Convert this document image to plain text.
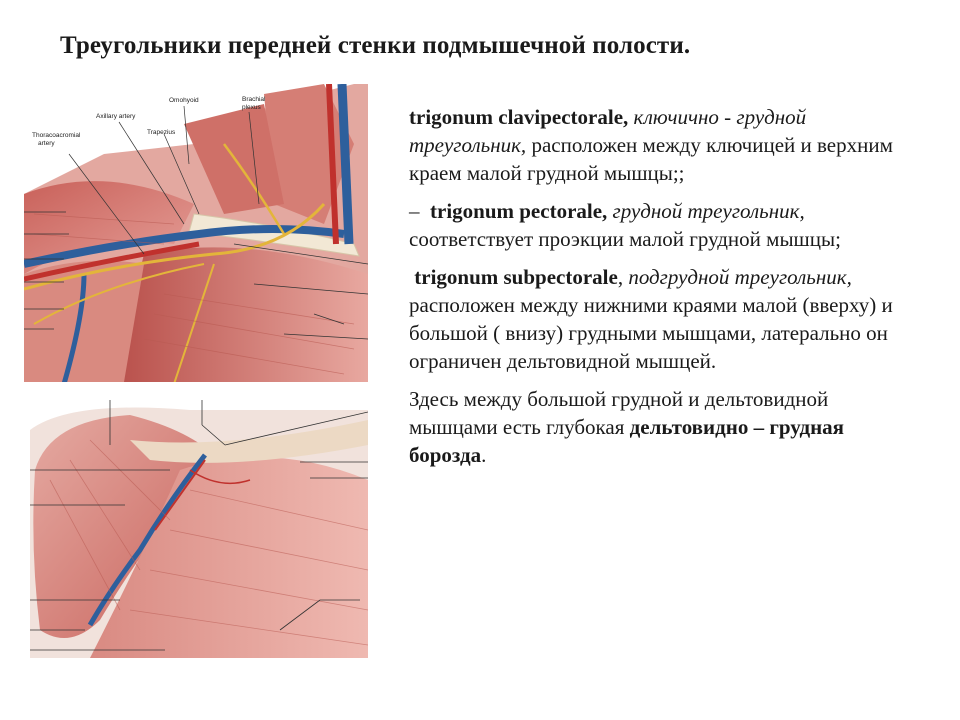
Треугольники передней стенки подмышечной полости.
Axillary artery
Omohyoid	Brachial
plexus
Thoracoacromial
artery
Trapezius

trigonum clavipectorale, ключично - грудной треугольник, расположен между ключицей и верхним краем малой грудной мышцы;;

– trigonum pectorale, грудной треугольник, соответствует проэкции малой грудной мышцы;

trigonum subpectorale, подгрудной треугольник, расположен между нижними краями малой (вверху) и большой ( внизу) грудными мышцами, латерально он ограничен дельтовидной мышцей.

Здесь между большой грудной и дельтовидной мышцами есть глубокая дельтовидно – грудная борозда.
